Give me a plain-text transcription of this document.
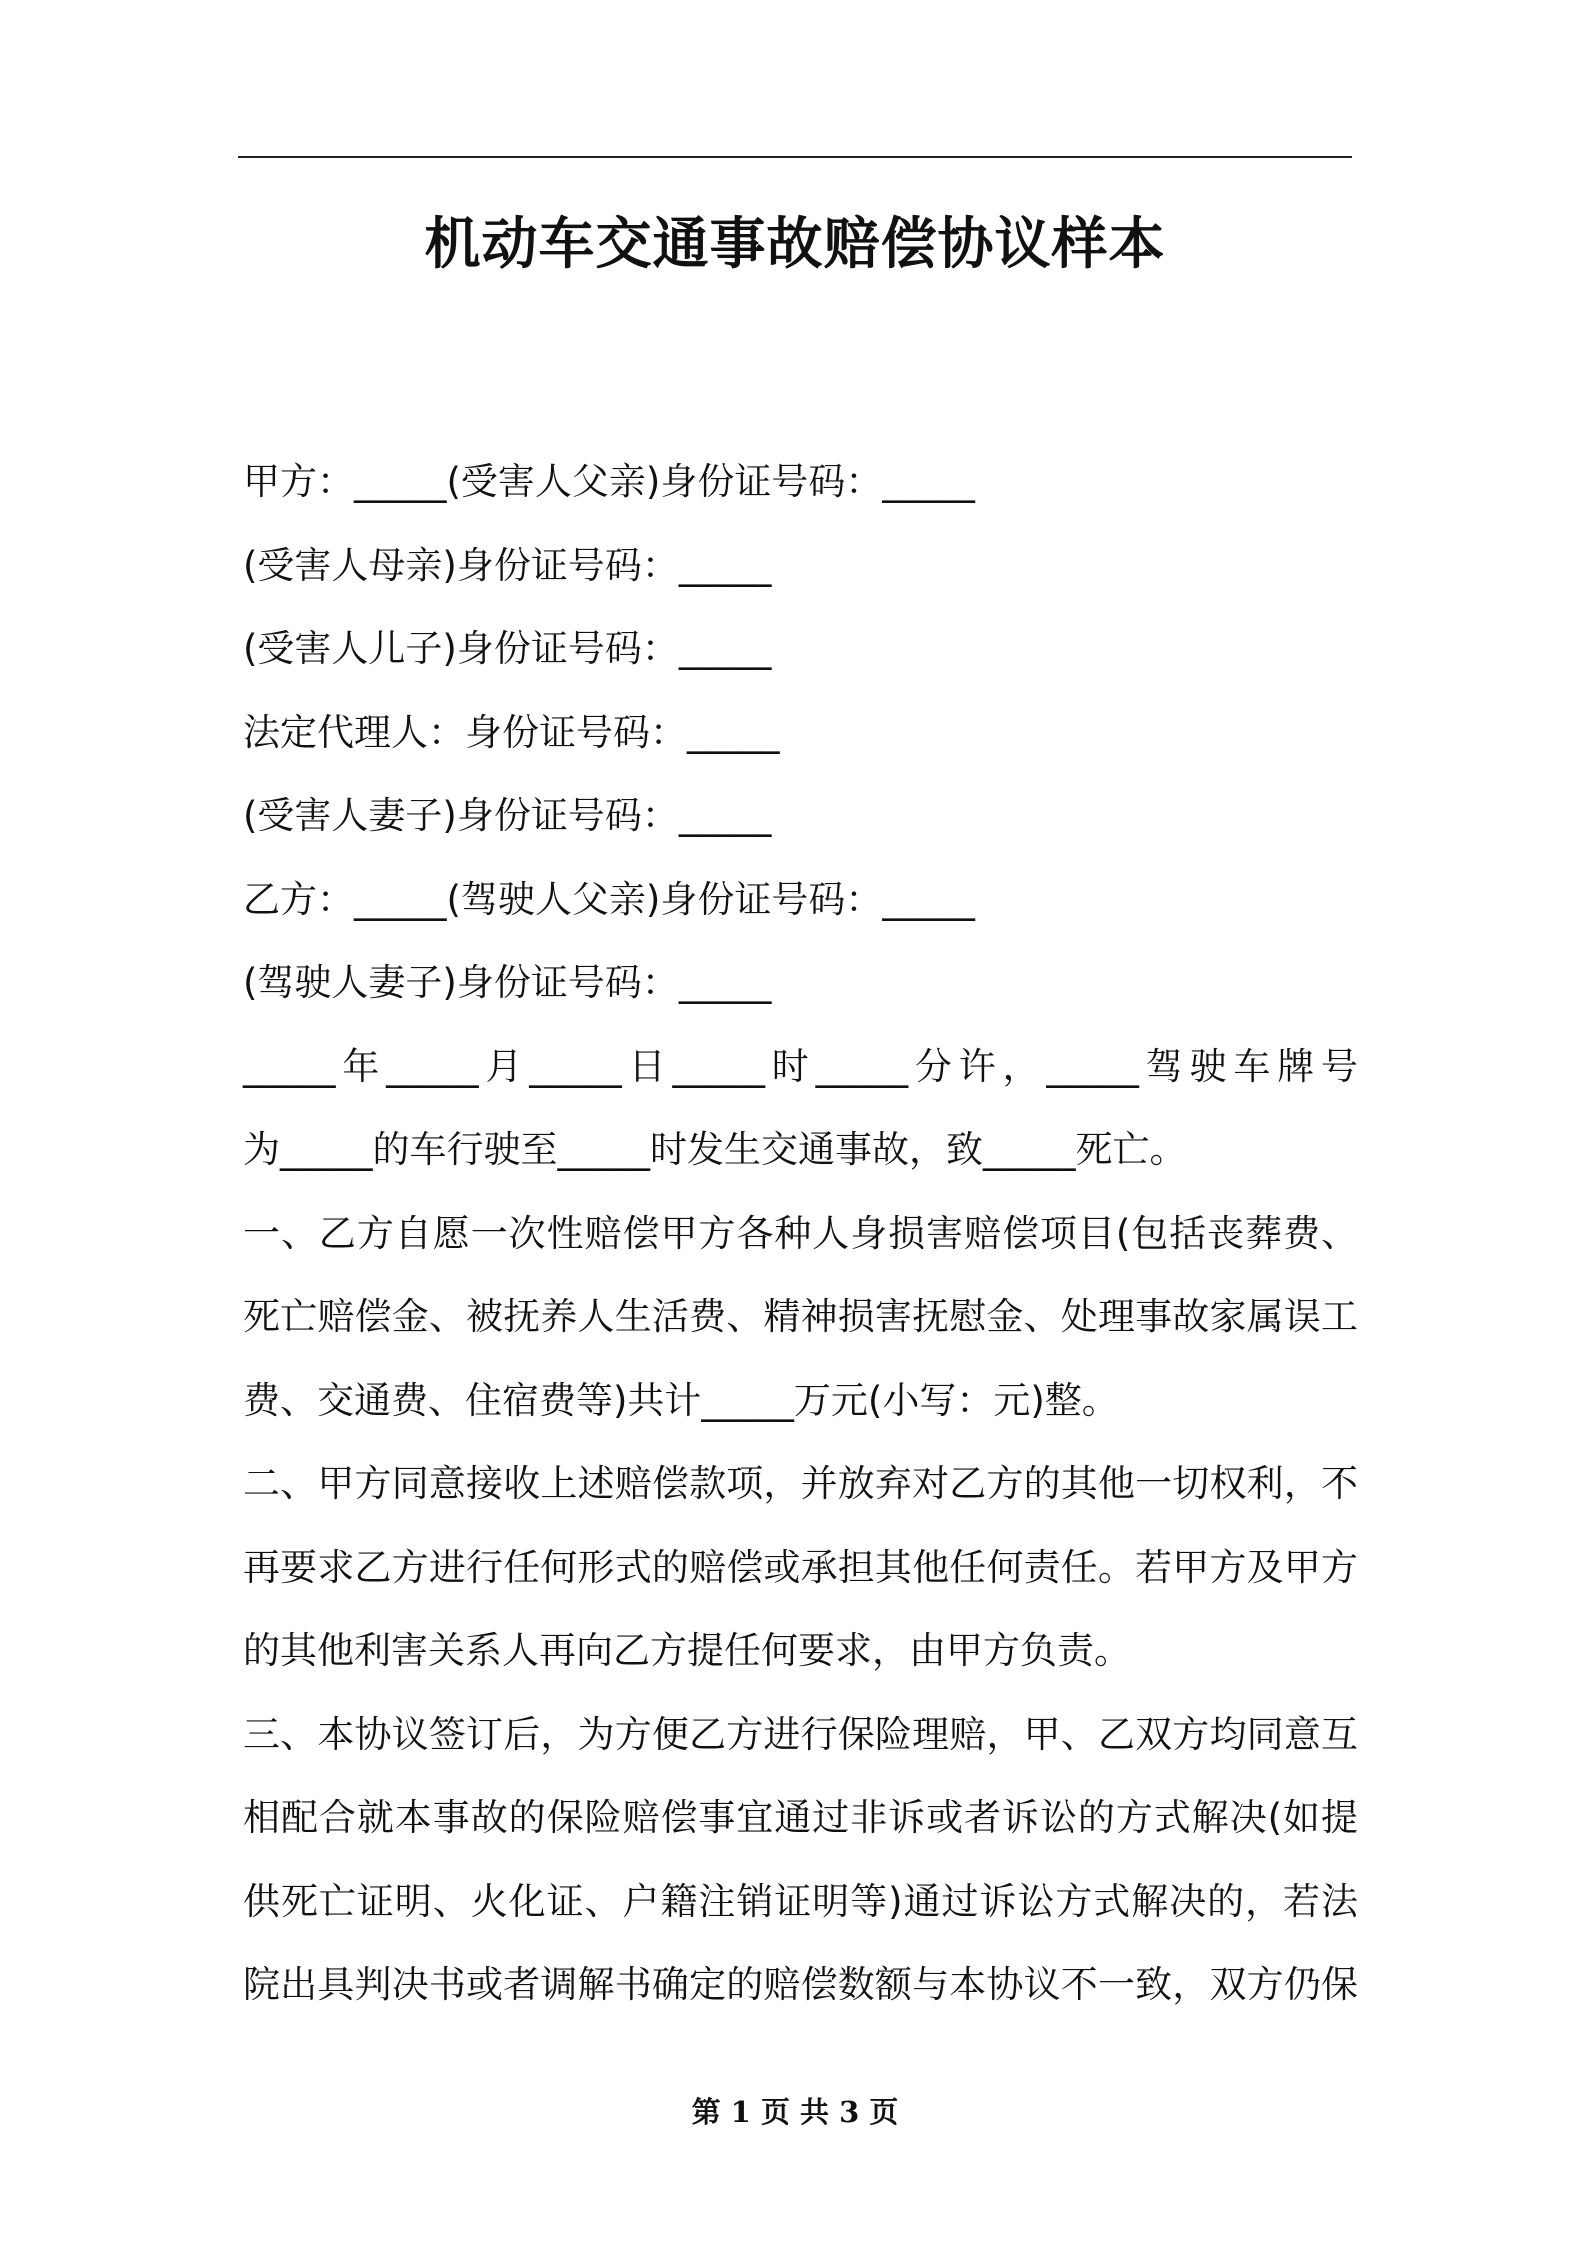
机动车交通事故赔偿协议样本

甲方：_____(受害人父亲)身份证号码：_____

(受害人母亲)身份证号码：_____

(受害人儿子)身份证号码：_____

法定代理人：身份证号码：_____

(受害人妻子)身份证号码：_____

乙方：_____(驾驶人父亲)身份证号码：_____

(驾驶人妻子)身份证号码：_____

_____年_____月_____日_____时_____分许，_____驾驶车牌号

为_____的车行驶至_____时发生交通事故，致_____死亡。

一、乙方自愿一次性赔偿甲方各种人身损害赔偿项目(包括丧葬费、

死亡赔偿金、被抚养人生活费、精神损害抚慰金、处理事故家属误工

费、交通费、住宿费等)共计_____万元(小写：元)整。

二、甲方同意接收上述赔偿款项，并放弃对乙方的其他一切权利，不

再要求乙方进行任何形式的赔偿或承担其他任何责任。若甲方及甲方

的其他利害关系人再向乙方提任何要求，由甲方负责。

三、本协议签订后，为方便乙方进行保险理赔，甲、乙双方均同意互

相配合就本事故的保险赔偿事宜通过非诉或者诉讼的方式解决(如提

供死亡证明、火化证、户籍注销证明等)通过诉讼方式解决的，若法

院出具判决书或者调解书确定的赔偿数额与本协议不一致，双方仍保

第 1 页 共 3 页
